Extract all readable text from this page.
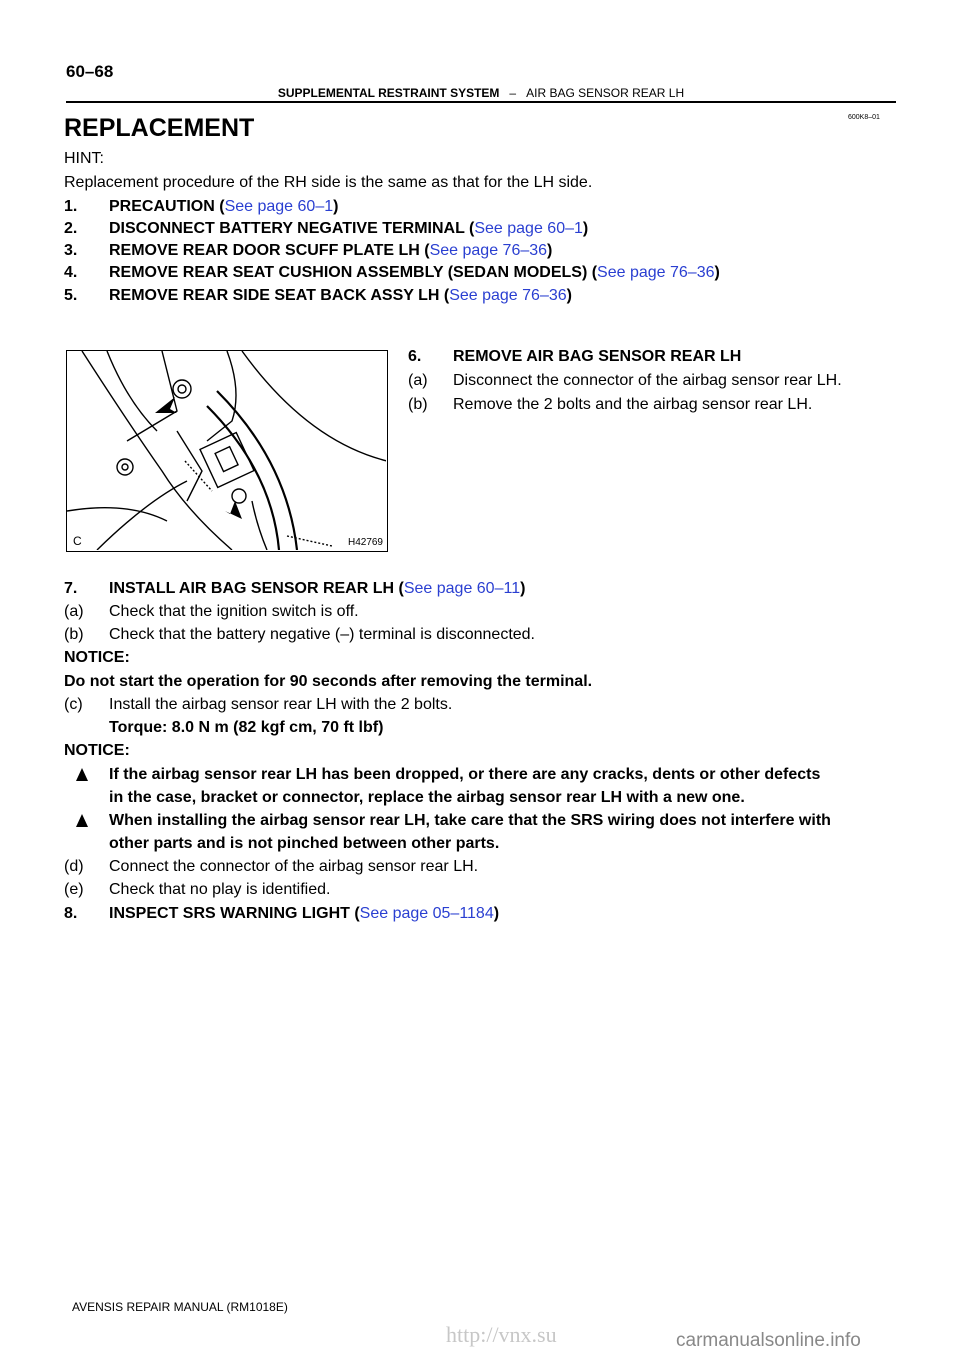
60–68
SUPPLEMENTAL RESTRAINT SYSTEM – AIR BAG SENSOR REAR LH
600K8–01
REPLACEMENT
HINT:
Replacement procedure of the RH side is the same as that for the LH side.
1. PRECAUTION (See page 60–1)
2. DISCONNECT BATTERY NEGATIVE TERMINAL (See page 60–1)
3. REMOVE REAR DOOR SCUFF PLATE LH (See page 76–36)
4. REMOVE REAR SEAT CUSHION ASSEMBLY (SEDAN MODELS) (See page 76–36)
5. REMOVE REAR SIDE SEAT BACK ASSY LH (See page 76–36)
C	H42769
6. REMOVE AIR BAG SENSOR REAR LH
(a) Disconnect the connector of the airbag sensor rear LH.
(b) Remove the 2 bolts and the airbag sensor rear LH.
7. INSTALL AIR BAG SENSOR REAR LH (See page 60–11)
(a) Check that the ignition switch is off.
(b) Check that the battery negative (–) terminal is disconnected.
NOTICE:
Do not start the operation for 90 seconds after removing the terminal.
(c) Install the airbag sensor rear LH with the 2 bolts.
Torque: 8.0 N m (82 kgf cm, 70 ft lbf)
NOTICE:
If the airbag sensor rear LH has been dropped, or there are any cracks, dents or other defects
in the case, bracket or connector, replace the airbag sensor rear LH with a new one.
When installing the airbag sensor rear LH, take care that the SRS wiring does not interfere with
other parts and is not pinched between other parts.
(d) Connect the connector of the airbag sensor rear LH.
(e) Check that no play is identified.
8. INSPECT SRS WARNING LIGHT (See page 05–1184)
AVENSIS REPAIR MANUAL (RM1018E)
http://vnx.su	carmanualsonline.info
